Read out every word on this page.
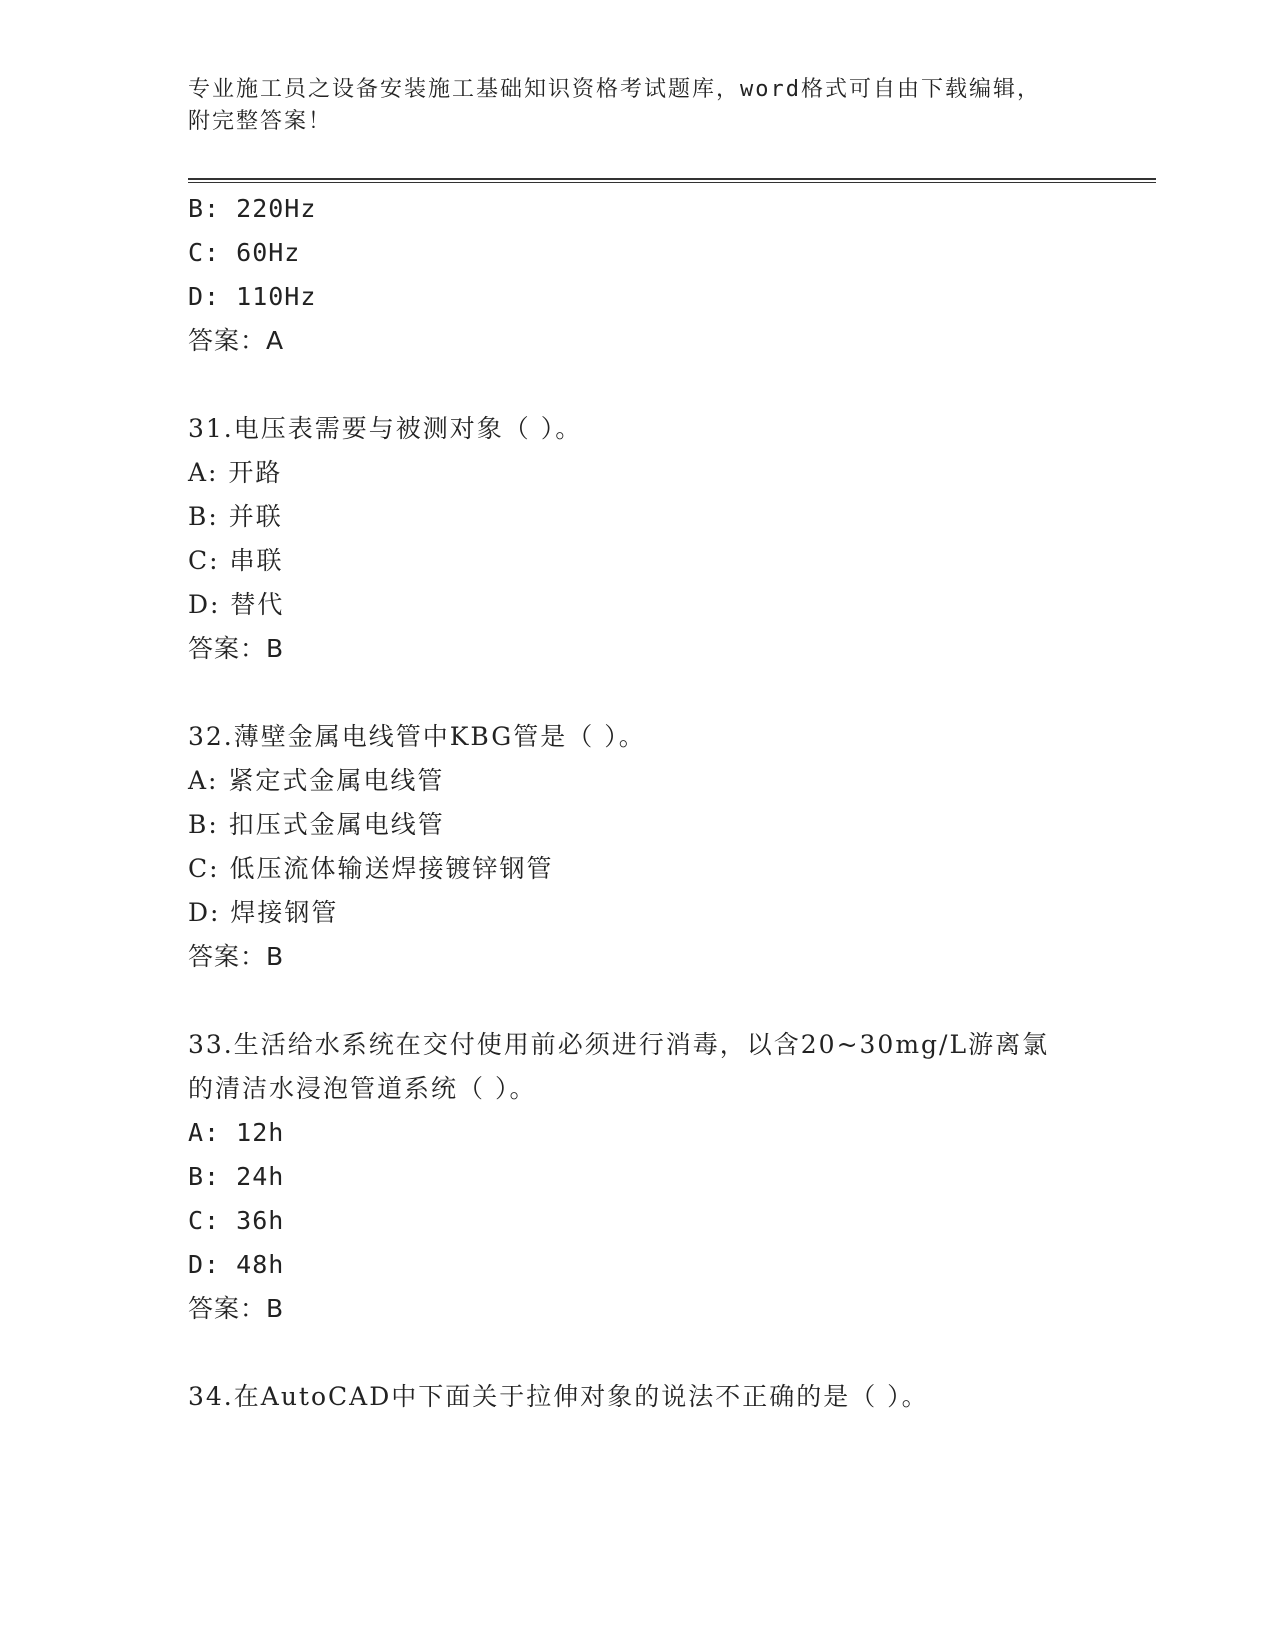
专业施工员之设备安装施工基础知识资格考试题库，word格式可自由下载编辑，
附完整答案！
B: 220Hz
C: 60Hz
D: 110Hz
答案：A
31.电压表需要与被测对象（ ）。
A: 开路
B: 并联
C: 串联
D: 替代
答案：B
32.薄壁金属电线管中KBG管是（ ）。
A: 紧定式金属电线管
B: 扣压式金属电线管
C: 低压流体输送焊接镀锌钢管
D: 焊接钢管
答案：B
33.生活给水系统在交付使用前必须进行消毒，以含20~30mg/L游离氯
的清洁水浸泡管道系统（ ）。
A: 12h
B: 24h
C: 36h
D: 48h
答案：B
34.在AutoCAD中下面关于拉伸对象的说法不正确的是（ ）。
